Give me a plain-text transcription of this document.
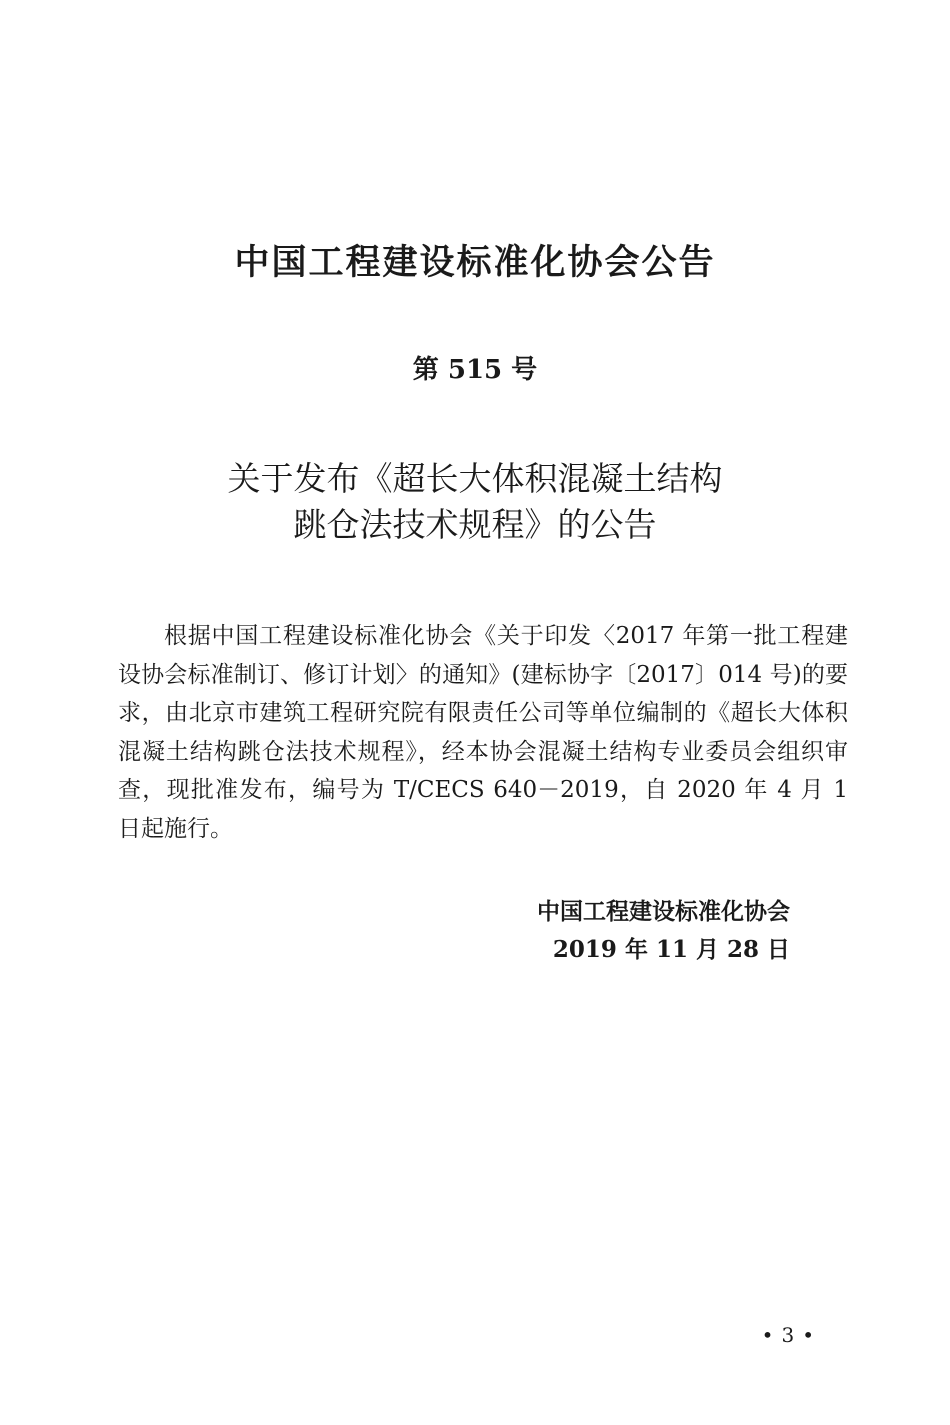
中国工程建设标准化协会公告
第 515 号
关于发布《超长大体积混凝土结构
跳仓法技术规程》的公告
根据中国工程建设标准化协会《关于印发〈2017 年第一批工程建设协会标准制订、修订计划〉的通知》(建标协字〔2017〕014 号)的要求，由北京市建筑工程研究院有限责任公司等单位编制的《超长大体积混凝土结构跳仓法技术规程》，经本协会混凝土结构专业委员会组织审查，现批准发布，编号为 T/CECS 640－2019，自 2020 年 4 月 1 日起施行。
中国工程建设标准化协会
2019 年 11 月 28 日
• 3 •
